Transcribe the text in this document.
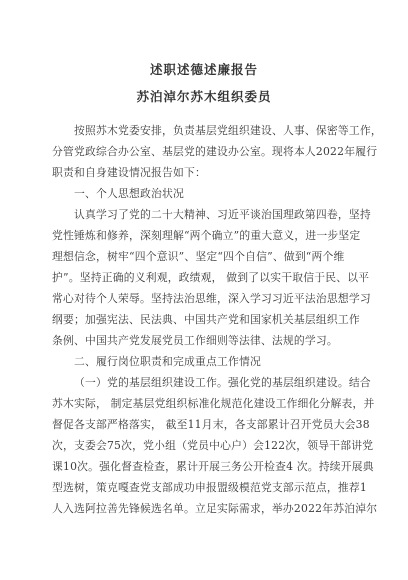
述职述德述廉报告
苏泊淖尔苏木组织委员
按照苏木党委安排，负责基层党组织建设、人事、保密等工作，
分管党政综合办公室、基层党的建设办公室。现将本人2022年履行
职责和自身建设情况报告如下：
一、个人思想政治状况
认真学习了党的二十大精神、习近平谈治国理政第四卷，坚持
党性锤炼和修养，深刻理解“两个确立”的重大意义，进一步坚定
理想信念，树牢“四个意识”、坚定“四个自信”、做到“两个维
护”。坚持正确的义利观，政绩观， 做到了以实干取信于民、以平
常心对待个人荣辱。坚持法治思维，深入学习习近平法治思想学习
纲要；加强宪法、民法典、中国共产党和国家机关基层组织工作
条例、中国共产党发展党员工作细则等法律、法规的学习。
二、履行岗位职责和完成重点工作情况
（一）党的基层组织建设工作。强化党的基层组织建设。结合
苏木实际， 制定基层党组织标准化规范化建设工作细化分解表，并
督促各支部严格落实， 截至11月末，各支部累计召开党员大会38
次，支委会75次，党小组（党员中心户）会122次，领导干部讲党
课10次。强化督查检查，累计开展三务公开检查4 次。持续开展典
型选树，策克嘎查党支部成功申报盟级模范党支部示范点，推荐1
人入选阿拉善先锋候选名单。立足实际需求，举办2022年苏泊淖尔
